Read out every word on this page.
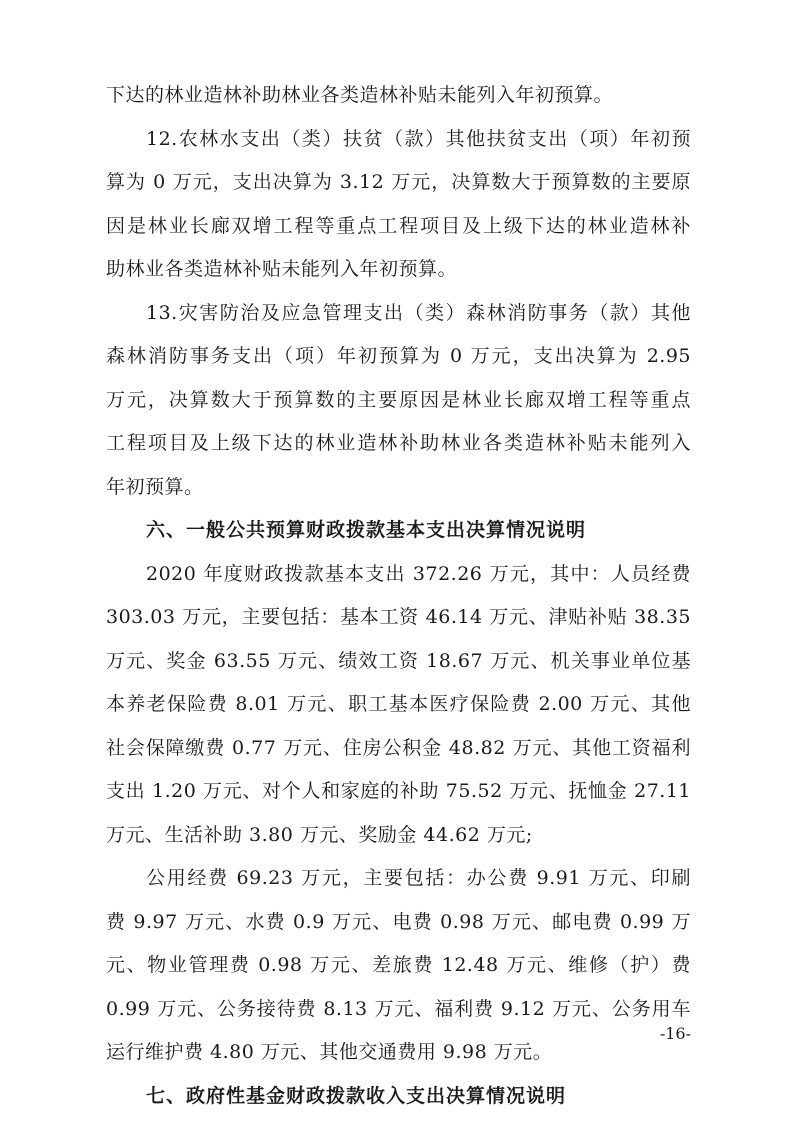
下达的林业造林补助林业各类造林补贴未能列入年初预算。
12.农林水支出（类）扶贫（款）其他扶贫支出（项）年初预
算为 0 万元，支出决算为 3.12 万元，决算数大于预算数的主要原
因是林业长廊双增工程等重点工程项目及上级下达的林业造林补
助林业各类造林补贴未能列入年初预算。
13.灾害防治及应急管理支出（类）森林消防事务（款）其他
森林消防事务支出（项）年初预算为 0 万元，支出决算为 2.95
万元，决算数大于预算数的主要原因是林业长廊双增工程等重点
工程项目及上级下达的林业造林补助林业各类造林补贴未能列入
年初预算。
六、一般公共预算财政拨款基本支出决算情况说明
2020 年度财政拨款基本支出 372.26 万元，其中：人员经费
303.03 万元，主要包括：基本工资 46.14 万元、津贴补贴 38.35
万元、奖金 63.55 万元、绩效工资 18.67 万元、机关事业单位基
本养老保险费 8.01 万元、职工基本医疗保险费 2.00 万元、其他
社会保障缴费 0.77 万元、住房公积金 48.82 万元、其他工资福利
支出 1.20 万元、对个人和家庭的补助 75.52 万元、抚恤金 27.11
万元、生活补助 3.80 万元、奖励金 44.62 万元;
公用经费 69.23 万元，主要包括：办公费 9.91 万元、印刷
费 9.97 万元、水费 0.9 万元、电费 0.98 万元、邮电费 0.99 万
元、物业管理费 0.98 万元、差旅费 12.48 万元、维修（护）费
0.99 万元、公务接待费 8.13 万元、福利费 9.12 万元、公务用车
运行维护费 4.80 万元、其他交通费用 9.98 万元。
七、政府性基金财政拨款收入支出决算情况说明
-16-
